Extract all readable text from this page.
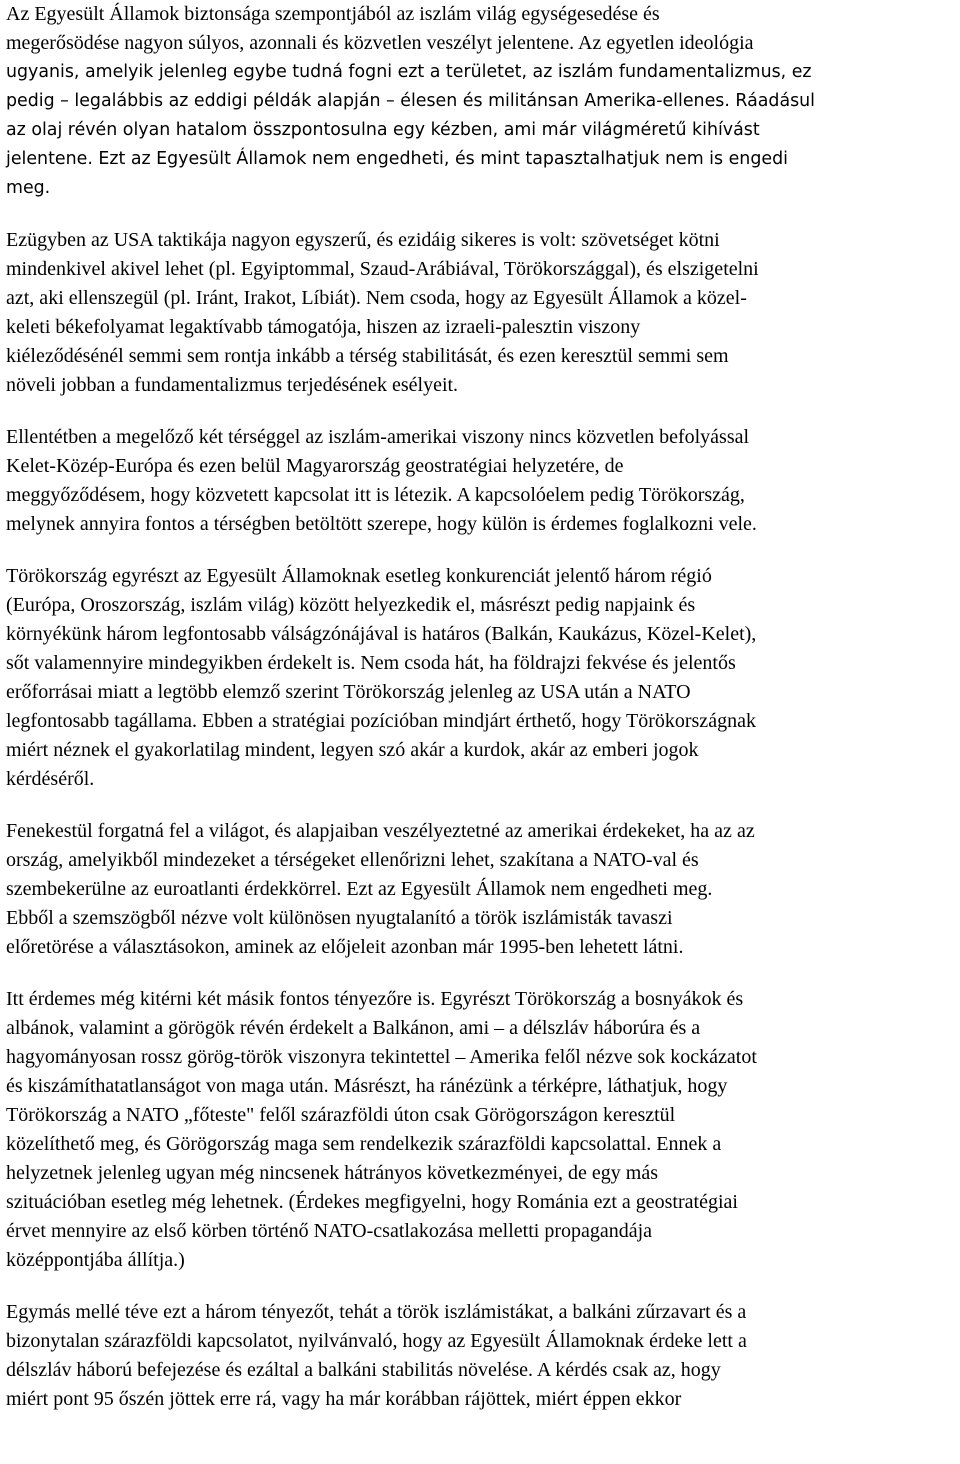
Az Egyesült Államok biztonsága szempontjából az iszlám világ egységesedése és
megerősödése nagyon súlyos, azonnali és közvetlen veszélyt jelentene. Az egyetlen ideológia
ugyanis, amelyik jelenleg egybe tudná fogni ezt a területet, az iszlám fundamentalizmus, ez
pedig – legalábbis az eddigi példák alapján – élesen és militánsan Amerika-ellenes. Ráadásul
az olaj révén olyan hatalom összpontosulna egy kézben, ami már világméretű kihívást
jelentene. Ezt az Egyesült Államok nem engedheti, és mint tapasztalhatjuk nem is engedi
meg.

Ezügyben az USA taktikája nagyon egyszerű, és ezidáig sikeres is volt: szövetséget kötni
mindenkivel akivel lehet (pl. Egyiptommal, Szaud-Arábiával, Törökországgal), és elszigetelni
azt, aki ellenszegül (pl. Iránt, Irakot, Líbiát). Nem csoda, hogy az Egyesült Államok a közel-
keleti békefolyamat legaktívabb támogatója, hiszen az izraeli-palesztin viszony
kiéleződésénél semmi sem rontja inkább a térség stabilitását, és ezen keresztül semmi sem
növeli jobban a fundamentalizmus terjedésének esélyeit.

Ellentétben a megelőző két térséggel az iszlám-amerikai viszony nincs közvetlen befolyással
Kelet-Közép-Európa és ezen belül Magyarország geostratégiai helyzetére, de
meggyőződésem, hogy közvetett kapcsolat itt is létezik. A kapcsolóelem pedig Törökország,
melynek annyira fontos a térségben betöltött szerepe, hogy külön is érdemes foglalkozni vele.

Törökország egyrészt az Egyesült Államoknak esetleg konkurenciát jelentő három régió
(Európa, Oroszország, iszlám világ) között helyezkedik el, másrészt pedig napjaink és
környékünk három legfontosabb válságzónájával is határos (Balkán, Kaukázus, Közel-Kelet),
sőt valamennyire mindegyikben érdekelt is. Nem csoda hát, ha földrajzi fekvése és jelentős
erőforrásai miatt a legtöbb elemző szerint Törökország jelenleg az USA után a NATO
legfontosabb tagállama. Ebben a stratégiai pozícióban mindjárt érthető, hogy Törökországnak
miért néznek el gyakorlatilag mindent, legyen szó akár a kurdok, akár az emberi jogok
kérdéséről.

Fenekestül forgatná fel a világot, és alapjaiban veszélyeztetné az amerikai érdekeket, ha az az
ország, amelyikből mindezeket a térségeket ellenőrizni lehet, szakítana a NATO-val és
szembekerülne az euroatlanti érdekkörrel. Ezt az Egyesült Államok nem engedheti meg.
Ebből a szemszögből nézve volt különösen nyugtalanító a török iszlámisták tavaszi
előretörése a választásokon, aminek az előjeleit azonban már 1995-ben lehetett látni.

Itt érdemes még kitérni két másik fontos tényezőre is. Egyrészt Törökország a bosnyákok és
albánok, valamint a görögök révén érdekelt a Balkánon, ami – a délszláv háborúra és a
hagyományosan rossz görög-török viszonyra tekintettel – Amerika felől nézve sok kockázatot
és kiszámíthatatlanságot von maga után. Másrészt, ha ránézünk a térképre, láthatjuk, hogy
Törökország a NATO „főteste" felől szárazföldi úton csak Görögországon keresztül
közelíthető meg, és Görögország maga sem rendelkezik szárazföldi kapcsolattal. Ennek a
helyzetnek jelenleg ugyan még nincsenek hátrányos következményei, de egy más
szituációban esetleg még lehetnek. (Érdekes megfigyelni, hogy Románia ezt a geostratégiai
érvet mennyire az első körben történő NATO-csatlakozása melletti propagandája
középpontjába állítja.)

Egymás mellé téve ezt a három tényezőt, tehát a török iszlámistákat, a balkáni zűrzavart és a
bizonytalan szárazföldi kapcsolatot, nyilvánvaló, hogy az Egyesült Államoknak érdeke lett a
délszláv háború befejezése és ezáltal a balkáni stabilitás növelése. A kérdés csak az, hogy
miért pont 95 őszén jöttek erre rá, vagy ha már korábban rájöttek, miért éppen ekkor
